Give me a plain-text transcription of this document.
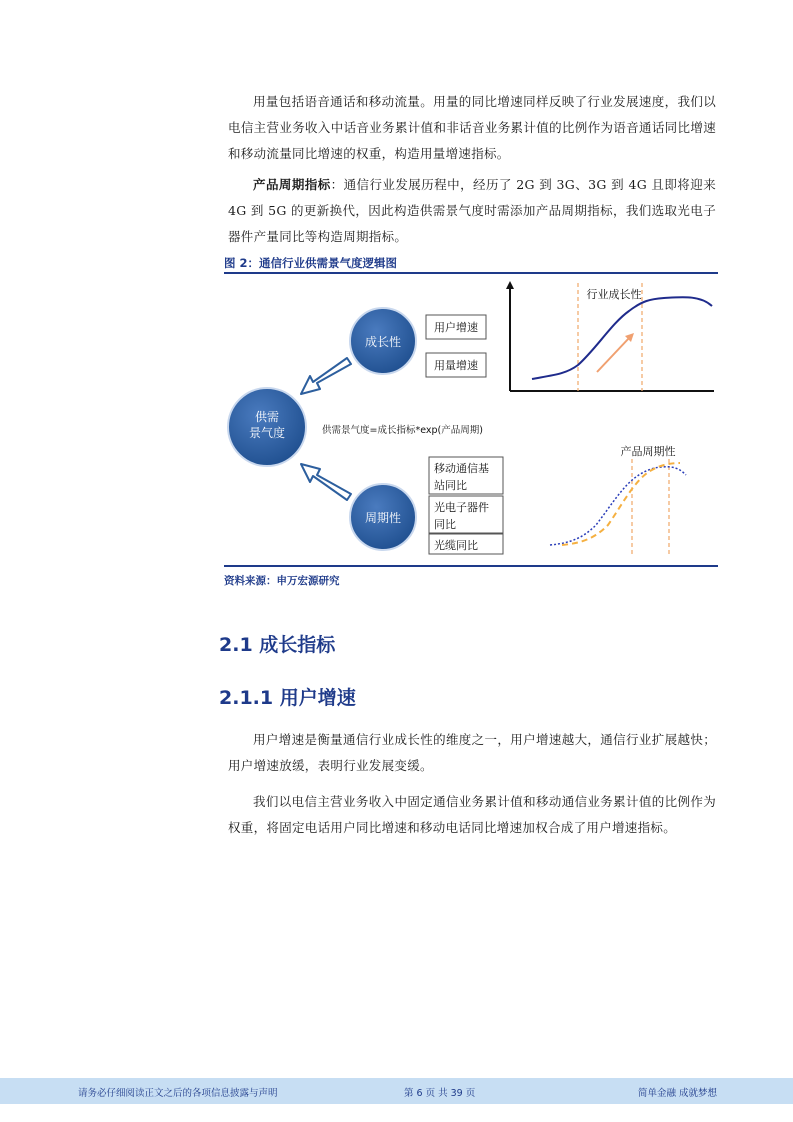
用量包括语音通话和移动流量。用量的同比增速同样反映了行业发展速度，我们以电信主营业务收入中话音业务累计值和非话音业务累计值的比例作为语音通话同比增速和移动流量同比增速的权重，构造用量增速指标。

产品周期指标：通信行业发展历程中，经历了 2G 到 3G、3G 到 4G 且即将迎来 4G 到 5G 的更新换代，因此构造供需景气度时需添加产品周期指标，我们选取光电子器件产量同比等构造周期指标。

图 2：通信行业供需景气度逻辑图
供需
景气度
成长性
周期性
供需景气度=成长指标*exp(产品周期)
用户增速
用量增速
移动通信基
站同比
光电子器件
同比
光缆同比
行业成长性
产品周期性
资料来源：申万宏源研究
2.1 成长指标
2.1.1 用户增速

用户增速是衡量通信行业成长性的维度之一，用户增速越大，通信行业扩展越快；用户增速放缓，表明行业发展变缓。

我们以电信主营业务收入中固定通信业务累计值和移动通信业务累计值的比例作为权重，将固定电话用户同比增速和移动电话同比增速加权合成了用户增速指标。

请务必仔细阅读正文之后的各项信息披露与声明	第 6 页 共 39 页	简单金融 成就梦想
